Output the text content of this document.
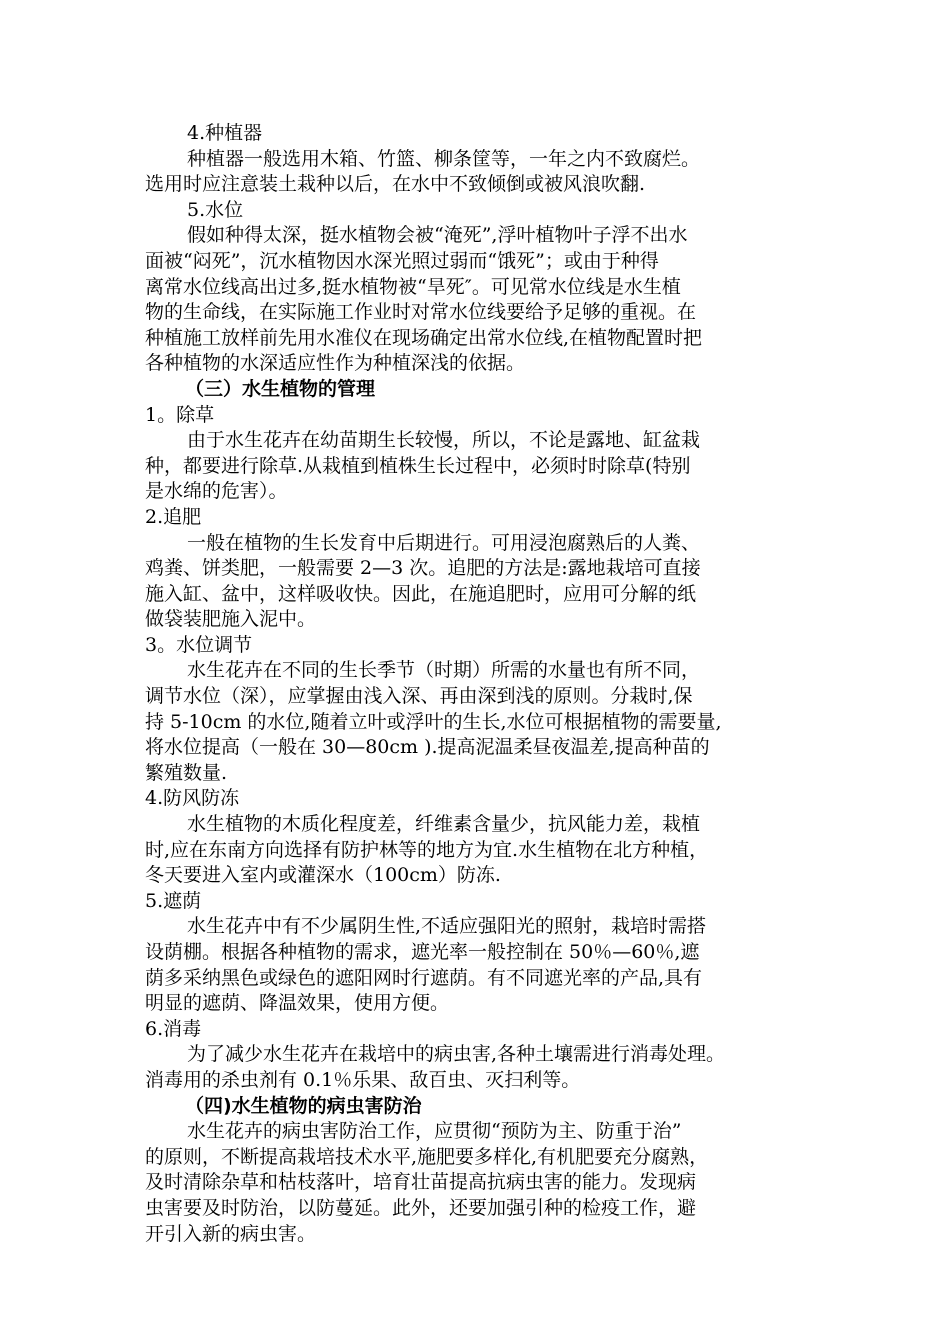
4.种植器
种植器一般选用木箱、竹篮、柳条筐等，一年之内不致腐烂。
选用时应注意装土栽种以后，在水中不致倾倒或被风浪吹翻.
5.水位
假如种得太深，挺水植物会被“淹死”,浮叶植物叶子浮不出水
面被“闷死”，沉水植物因水深光照过弱而“饿死”；或由于种得
离常水位线高出过多,挺水植物被“旱死″。可见常水位线是水生植
物的生命线，在实际施工作业时对常水位线要给予足够的重视。在
种植施工放样前先用水准仪在现场确定出常水位线,在植物配置时把
各种植物的水深适应性作为种植深浅的依据。
（三）水生植物的管理
1。除草
由于水生花卉在幼苗期生长较慢，所以，不论是露地、缸盆栽
种，都要进行除草.从栽植到植株生长过程中，必须时时除草(特别
是水绵的危害）。
2.追肥
一般在植物的生长发育中后期进行。可用浸泡腐熟后的人粪、
鸡粪、饼类肥，一般需要 2—3 次。追肥的方法是:露地栽培可直接
施入缸、盆中，这样吸收快。因此，在施追肥时，应用可分解的纸
做袋装肥施入泥中。
3。水位调节
水生花卉在不同的生长季节（时期）所需的水量也有所不同，
调节水位（深），应掌握由浅入深、再由深到浅的原则。分栽时,保
持 5-10cm 的水位,随着立叶或浮叶的生长,水位可根据植物的需要量,
将水位提高（一般在 30—80cm ).提高泥温柔昼夜温差,提高种苗的
繁殖数量.
4.防风防冻
水生植物的木质化程度差，纤维素含量少，抗风能力差，栽植
时,应在东南方向选择有防护林等的地方为宜.水生植物在北方种植，
冬天要进入室内或灌深水（100cm）防冻.
5.遮荫
水生花卉中有不少属阴生性,不适应强阳光的照射，栽培时需搭
设荫棚。根据各种植物的需求，遮光率一般控制在 50％—60％,遮
荫多采纳黑色或绿色的遮阳网时行遮荫。有不同遮光率的产品,具有
明显的遮荫、降温效果，使用方便。
6.消毒
为了减少水生花卉在栽培中的病虫害,各种土壤需进行消毒处理。
消毒用的杀虫剂有 0.1％乐果、敌百虫、灭扫利等。
（四)水生植物的病虫害防治
水生花卉的病虫害防治工作，应贯彻“预防为主、防重于治”
的原则，不断提高栽培技术水平,施肥要多样化,有机肥要充分腐熟，
及时清除杂草和枯枝落叶，培育壮苗提高抗病虫害的能力。发现病
虫害要及时防治，以防蔓延。此外，还要加强引种的检疫工作，避
开引入新的病虫害。
